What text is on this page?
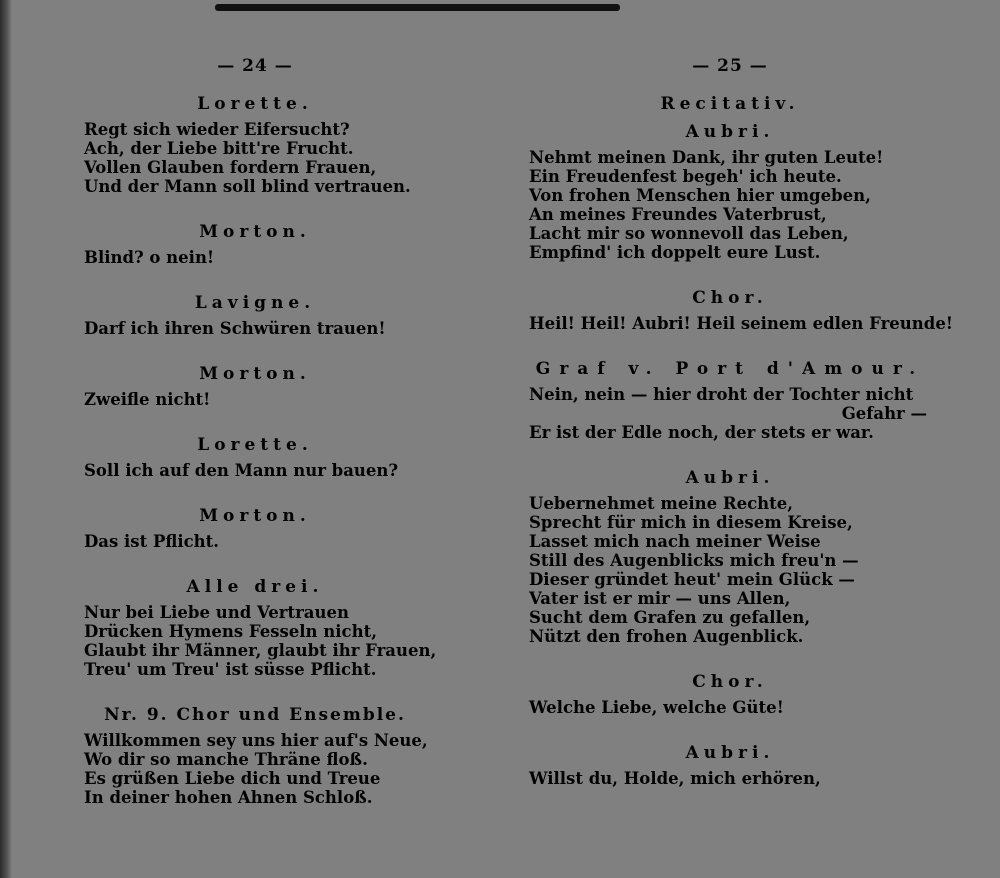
— 24 —
Lorette.
Regt sich wieder Eifersucht?
Ach, der Liebe bitt're Frucht.
Vollen Glauben fordern Frauen,
Und der Mann soll blind vertrauen.
Morton.
Blind? o nein!
Lavigne.
Darf ich ihren Schwüren trauen!
Morton.
Zweifle nicht!
Lorette.
Soll ich auf den Mann nur bauen?
Morton.
Das ist Pflicht.
Alle drei.
Nur bei Liebe und Vertrauen
Drücken Hymens Fesseln nicht,
Glaubt ihr Männer, glaubt ihr Frauen,
Treu' um Treu' ist süsse Pflicht.
Nr. 9. Chor und Ensemble.
Willkommen sey uns hier auf's Neue,
Wo dir so manche Thräne floß.
Es grüßen Liebe dich und Treue
In deiner hohen Ahnen Schloß.
— 25 —
Recitativ.
Aubri.
Nehmt meinen Dank, ihr guten Leute!
Ein Freudenfest begeh' ich heute.
Von frohen Menschen hier umgeben,
An meines Freundes Vaterbrust,
Lacht mir so wonnevoll das Leben,
Empfind' ich doppelt eure Lust.
Chor.
Heil! Heil! Aubri! Heil seinem edlen Freunde!
Graf v. Port d'Amour.
Nein, nein — hier droht der Tochter nicht
Gefahr —
Er ist der Edle noch, der stets er war.
Aubri.
Uebernehmet meine Rechte,
Sprecht für mich in diesem Kreise,
Lasset mich nach meiner Weise
Still des Augenblicks mich freu'n —
Dieser gründet heut' mein Glück —
Vater ist er mir — uns Allen,
Sucht dem Grafen zu gefallen,
Nützt den frohen Augenblick.
Chor.
Welche Liebe, welche Güte!
Aubri.
Willst du, Holde, mich erhören,
